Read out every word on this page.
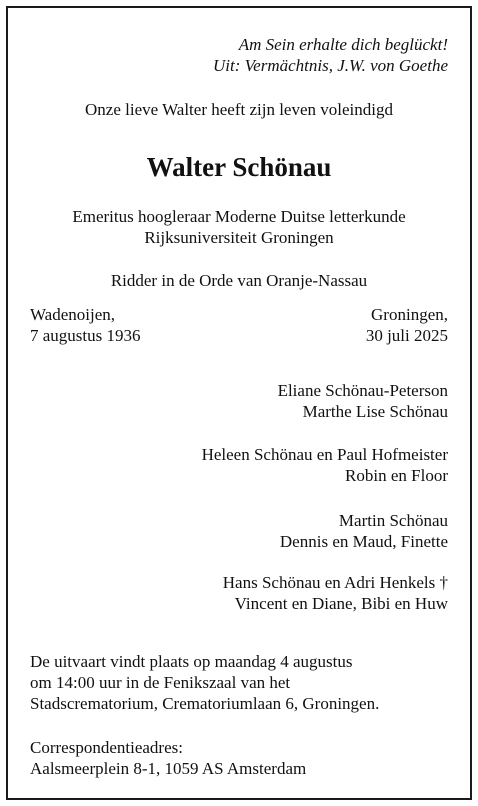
Am Sein erhalte dich beglückt!
Uit: Vermächtnis, J.W. von Goethe
Onze lieve Walter heeft zijn leven voleindigd
Walter Schönau
Emeritus hoogleraar Moderne Duitse letterkunde
Rijksuniversiteit Groningen
Ridder in de Orde van Oranje-Nassau
Wadenoijen,
7 augustus 1936
Groningen,
30 juli 2025
Eliane Schönau-Peterson
Marthe Lise Schönau
Heleen Schönau en Paul Hofmeister
Robin en Floor
Martin Schönau
Dennis en Maud, Finette
Hans Schönau en Adri Henkels †
Vincent en Diane, Bibi en Huw
De uitvaart vindt plaats op maandag 4 augustus
om 14:00 uur in de Fenikszaal van het
Stadscrematorium, Crematoriumlaan 6, Groningen.
Correspondentieadres:
Aalsmeerplein 8-1, 1059 AS Amsterdam
